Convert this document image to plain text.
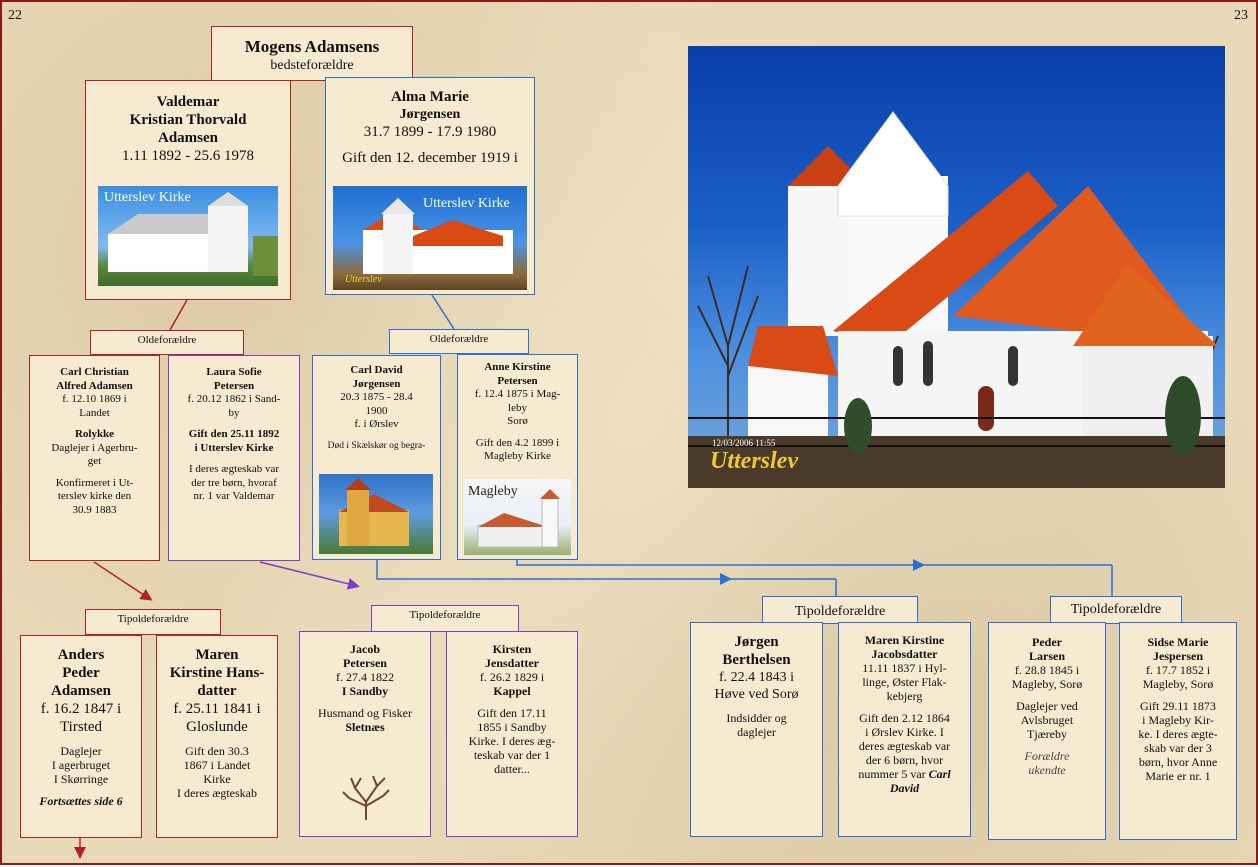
22	23
Mogens Adamsens
bedsteforældre
Valdemar
Kristian Thorvald
Adamsen
1.11 1892 - 25.6 1978
Utterslev Kirke
Alma Marie
Jørgensen
31.7 1899 - 17.9 1980
Gift den 12. december 1919 i
Utterslev Kirke
Utterslev
Oldeforældre	Oldeforældre
Carl Christian
Alfred Adamsen
f. 12.10 1869 i
Landet
Rolykke
Daglejer i Agerbru-
get
Konfirmeret i Ut-
terslev kirke den
30.9 1883
Laura Sofie
Petersen
f. 20.12 1862 i Sand-
by
Gift den 25.11 1892
i Utterslev Kirke
I deres ægteskab var
der tre børn, hvoraf
nr. 1 var Valdemar
Carl David
Jørgensen
20.3 1875 - 28.4
1900
f. i Ørslev
Død i Skælskør og begra-
Anne Kirstine
Petersen
f. 12.4 1875 i Mag-
leby
Sorø
Gift den 4.2 1899 i
Magleby Kirke
Magleby
Tipoldeforældre	Tipoldeforældre	Tipoldeforældre	Tipoldeforældre
Anders
Peder
Adamsen
f. 16.2 1847 i
Tirsted
Daglejer
I agerbruget
I Skørringe
Fortsættes side 6
Maren
Kirstine Hans-
datter
f. 25.11 1841 i
Gloslunde
Gift den 30.3
1867 i Landet
Kirke
I deres ægteskab
Jacob
Petersen
f. 27.4 1822
I Sandby
Husmand og Fisker
Sletnæs
Kirsten
Jensdatter
f. 26.2 1829 i
Kappel
Gift den 17.11
1855 i Sandby
Kirke. I deres æg-
teskab var der 1
datter...
Jørgen
Berthelsen
f. 22.4 1843 i
Høve ved Sorø
Indsidder og
daglejer
Maren Kirstine
Jacobsdatter
11.11 1837 i Hyl-
linge, Øster Flak-
kebjerg
Gift den 2.12 1864
i Ørslev Kirke. I
deres ægteskab var
der 6 børn, hvor
nummer 5 var Carl
David
Peder
Larsen
f. 28.8 1845 i
Magleby, Sorø
Daglejer ved
Avlsbruget
Tjæreby
Forældre
ukendte
Sidse Marie
Jespersen
f. 17.7 1852 i
Magleby, Sorø
Gift 29.11 1873
i Magleby Kir-
ke. I deres ægte-
skab var der 3
børn, hvor Anne
Marie er nr. 1
12/03/2006 11:55
Utterslev
